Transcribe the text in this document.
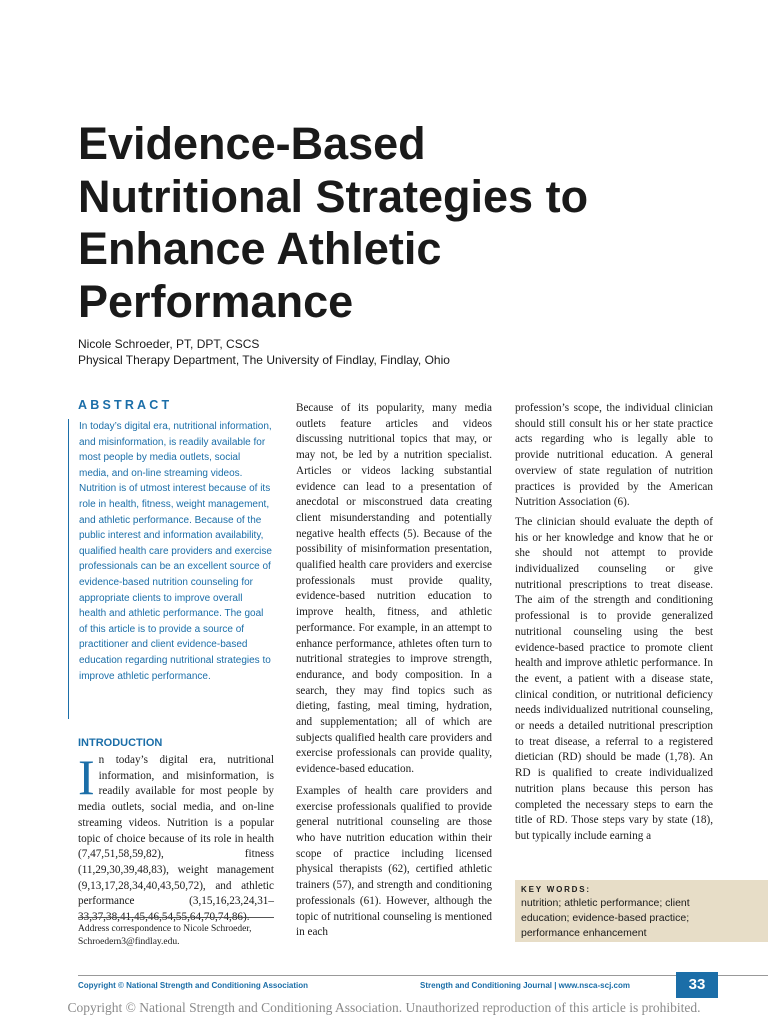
Evidence-Based
Nutritional Strategies to
Enhance Athletic
Performance
Nicole Schroeder, PT, DPT, CSCS
Physical Therapy Department, The University of Findlay, Findlay, Ohio
ABSTRACT

In today’s digital era, nutritional information, and misinformation, is readily available for most people by media outlets, social media, and on-line streaming videos. Nutrition is of utmost interest because of its role in health, fitness, weight management, and athletic performance. Because of the public interest and information availability, qualified health care providers and exercise professionals can be an excellent source of evidence-based nutrition counseling for appropriate clients to improve overall health and athletic performance. The goal of this article is to provide a source of practitioner and client evidence-based education regarding nutritional strategies to improve athletic performance.

INTRODUCTION
I n today’s digital era, nutritional information, and misinformation, is readily available for most people by media outlets, social media, and on-line streaming videos. Nutrition is a popular topic of choice because of its role in health (7,47,51,58,59,82), fitness (11,29,30,39,48,83), weight management (9,13,17,28,34,40,43,50,72), and athletic performance (3,15,16,23,24,31–33,37,38,41,45,46,54,55,64,70,74,86).

Address correspondence to Nicole Schroeder, Schroedern3@findlay.edu.

Because of its popularity, many media outlets feature articles and videos discussing nutritional topics that may, or may not, be led by a nutrition specialist. Articles or videos lacking substantial evidence can lead to a presentation of anecdotal or misconstrued data creating client misunderstanding and potentially negative health effects (5). Because of the possibility of misinformation presentation, qualified health care providers and exercise professionals must provide quality, evidence-based nutrition education to improve health, fitness, and athletic performance. For example, in an attempt to enhance performance, athletes often turn to nutritional strategies to improve strength, endurance, and body composition. In a search, they may find topics such as dieting, fasting, meal timing, hydration, and supplementation; all of which are subjects qualified health care providers and exercise professionals can provide quality, evidence-based education.

Examples of health care providers and exercise professionals qualified to provide general nutritional counseling are those who have nutrition education within their scope of practice including licensed physical therapists (62), certified athletic trainers (57), and strength and conditioning professionals (61). However, although the topic of nutritional counseling is mentioned in each

profession’s scope, the individual clinician should still consult his or her state practice acts regarding who is legally able to provide nutritional education. A general overview of state regulation of nutrition practices is provided by the American Nutrition Association (6).

The clinician should evaluate the depth of his or her knowledge and know that he or she should not attempt to provide individualized counseling or give nutritional prescriptions to treat disease. The aim of the strength and conditioning professional is to provide generalized nutritional counseling using the best evidence-based practice to promote client health and improve athletic performance. In the event, a patient with a disease state, clinical condition, or nutritional deficiency needs individualized nutritional counseling, or needs a detailed nutritional prescription to treat disease, a referral to a registered dietician (RD) should be made (1,78). An RD is qualified to create individualized nutrition plans because this person has completed the necessary steps to earn the title of RD. Those steps vary by state (18), but typically include earning a

KEY WORDS:
nutrition; athletic performance; client education; evidence-based practice; performance enhancement
Copyright © National Strength and Conditioning Association	Strength and Conditioning Journal | www.nsca-scj.com	33
Copyright © National Strength and Conditioning Association. Unauthorized reproduction of this article is prohibited.
